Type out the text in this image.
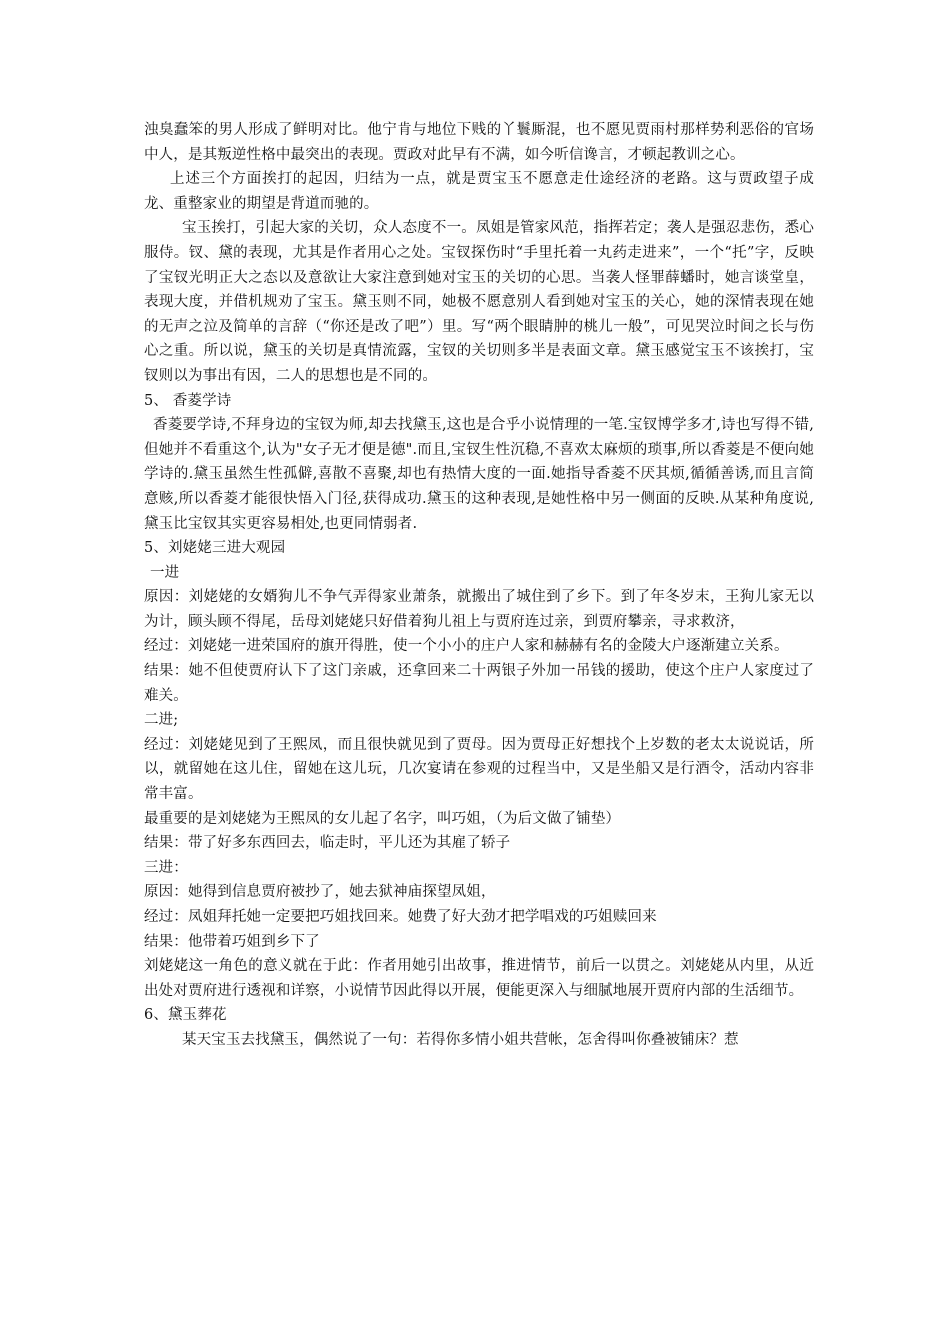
浊臭蠢笨的男人形成了鲜明对比。他宁肯与地位下贱的丫鬟厮混，也不愿见贾雨村那样势利恶俗的官场中人，是其叛逆性格中最突出的表现。贾政对此早有不满，如今听信谗言，才顿起教训之心。

上述三个方面挨打的起因，归结为一点，就是贾宝玉不愿意走仕途经济的老路。这与贾政望子成龙、重整家业的期望是背道而驰的。

宝玉挨打，引起大家的关切，众人态度不一。凤姐是管家风范，指挥若定；袭人是强忍悲伤，悉心服侍。钗、黛的表现，尤其是作者用心之处。宝钗探伤时“手里托着一丸药走进来”，一个“托”字，反映了宝钗光明正大之态以及意欲让大家注意到她对宝玉的关切的心思。当袭人怪罪薛蟠时，她言谈堂皇，表现大度，并借机规劝了宝玉。黛玉则不同，她极不愿意别人看到她对宝玉的关心，她的深情表现在她的无声之泣及简单的言辞（“你还是改了吧”）里。写“两个眼睛肿的桃儿一般”，可见哭泣时间之长与伤心之重。所以说，黛玉的关切是真情流露，宝钗的关切则多半是表面文章。黛玉感觉宝玉不该挨打，宝钗则以为事出有因，二人的思想也是不同的。

5、 香菱学诗

香菱要学诗,不拜身边的宝钗为师,却去找黛玉,这也是合乎小说情理的一笔.宝钗博学多才,诗也写得不错,但她并不看重这个,认为"女子无才便是德".而且,宝钗生性沉稳,不喜欢太麻烦的琐事,所以香菱是不便向她学诗的.黛玉虽然生性孤僻,喜散不喜聚,却也有热情大度的一面.她指导香菱不厌其烦,循循善诱,而且言简意赅,所以香菱才能很快悟入门径,获得成功.黛玉的这种表现,是她性格中另一侧面的反映.从某种角度说,黛玉比宝钗其实更容易相处,也更同情弱者.

5、刘姥姥三进大观园

一进

原因：刘姥姥的女婿狗儿不争气弄得家业萧条，就搬出了城住到了乡下。到了年冬岁末，王狗儿家无以为计，顾头顾不得尾，岳母刘姥姥只好借着狗儿祖上与贾府连过亲，到贾府攀亲，寻求救济，

经过：刘姥姥一进荣国府的旗开得胜，使一个小小的庄户人家和赫赫有名的金陵大户逐渐建立关系。

结果：她不但使贾府认下了这门亲戚，还拿回来二十两银子外加一吊钱的援助，使这个庄户人家度过了难关。

二进;

经过：刘姥姥见到了王熙凤，而且很快就见到了贾母。因为贾母正好想找个上岁数的老太太说说话，所以，就留她在这儿住，留她在这儿玩，几次宴请在参观的过程当中，又是坐船又是行酒令，活动内容非常丰富。

最重要的是刘姥姥为王熙凤的女儿起了名字，叫巧姐，（为后文做了铺垫）

结果：带了好多东西回去，临走时，平儿还为其雇了轿子

三进：

原因：她得到信息贾府被抄了，她去狱神庙探望凤姐，

经过：凤姐拜托她一定要把巧姐找回来。她费了好大劲才把学唱戏的巧姐赎回来

结果：他带着巧姐到乡下了

刘姥姥这一角色的意义就在于此：作者用她引出故事，推进情节，前后一以贯之。刘姥姥从内里，从近出处对贾府进行透视和详察，小说情节因此得以开展，便能更深入与细腻地展开贾府内部的生活细节。

6、黛玉葬花

某天宝玉去找黛玉，偶然说了一句：若得你多情小姐共营帐，怎舍得叫你叠被铺床？惹
